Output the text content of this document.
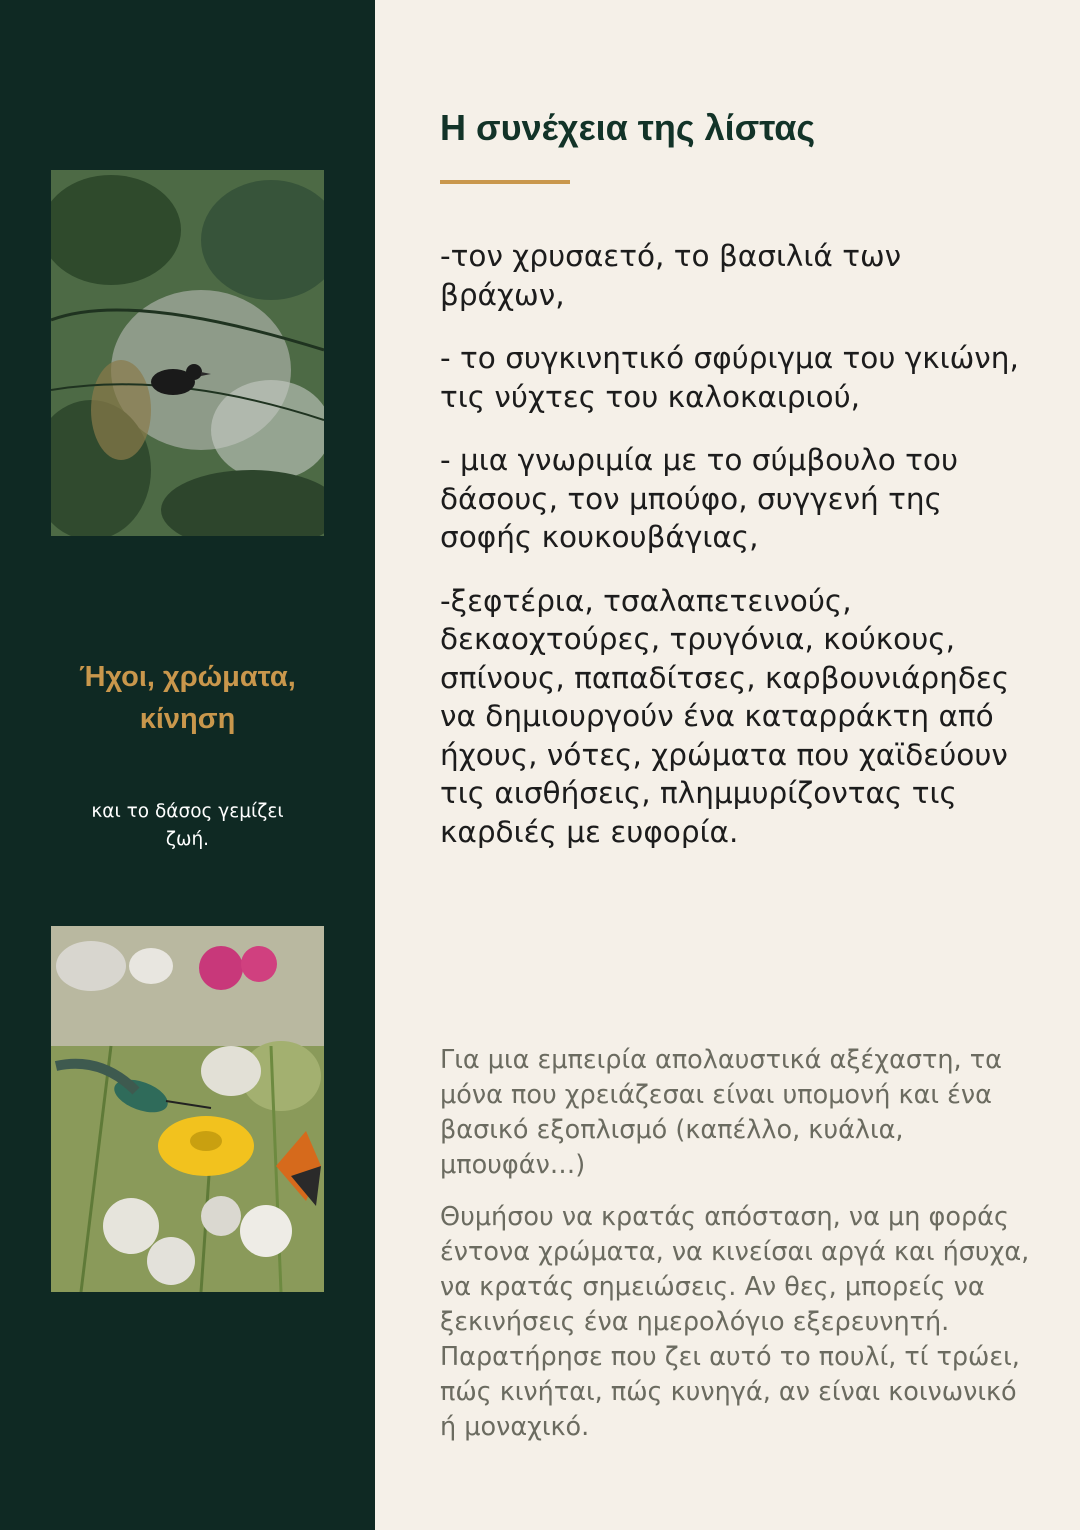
Ήχοι, χρώματα, κίνηση

και το δάσος γεμίζει ζωή.

Η συνέχεια της λίστας
-τον χρυσαετό, το βασιλιά των βράχων,
- το συγκινητικό σφύριγμα του γκιώνη, τις νύχτες του καλοκαιριού,
- μια γνωριμία με το σύμβουλο του δάσους, τον μπούφο, συγγενή της σοφής κουκουβάγιας,
-ξεφτέρια, τσαλαπετεινούς, δεκαοχτούρες, τρυγόνια, κούκους, σπίνους, παπαδίτσες, καρβουνιάρηδες να δημιουργούν ένα καταρράκτη από ήχους, νότες, χρώματα που χαϊδεύουν τις αισθήσεις, πλημμυρίζοντας τις καρδιές με ευφορία.

Για μια εμπειρία απολαυστικά αξέχαστη, τα μόνα που χρειάζεσαι είναι υπομονή και ένα βασικό εξοπλισμό (καπέλλο, κυάλια, μπουφάν…)

Θυμήσου να κρατάς απόσταση, να μη φοράς έντονα χρώματα, να κινείσαι αργά και ήσυχα, να κρατάς σημειώσεις. Αν θες, μπορείς να ξεκινήσεις ένα ημερολόγιο εξερευνητή. Παρατήρησε που ζει αυτό το πουλί, τί τρώει, πώς κινήται, πώς κυνηγά, αν είναι κοινωνικό ή μοναχικό.
